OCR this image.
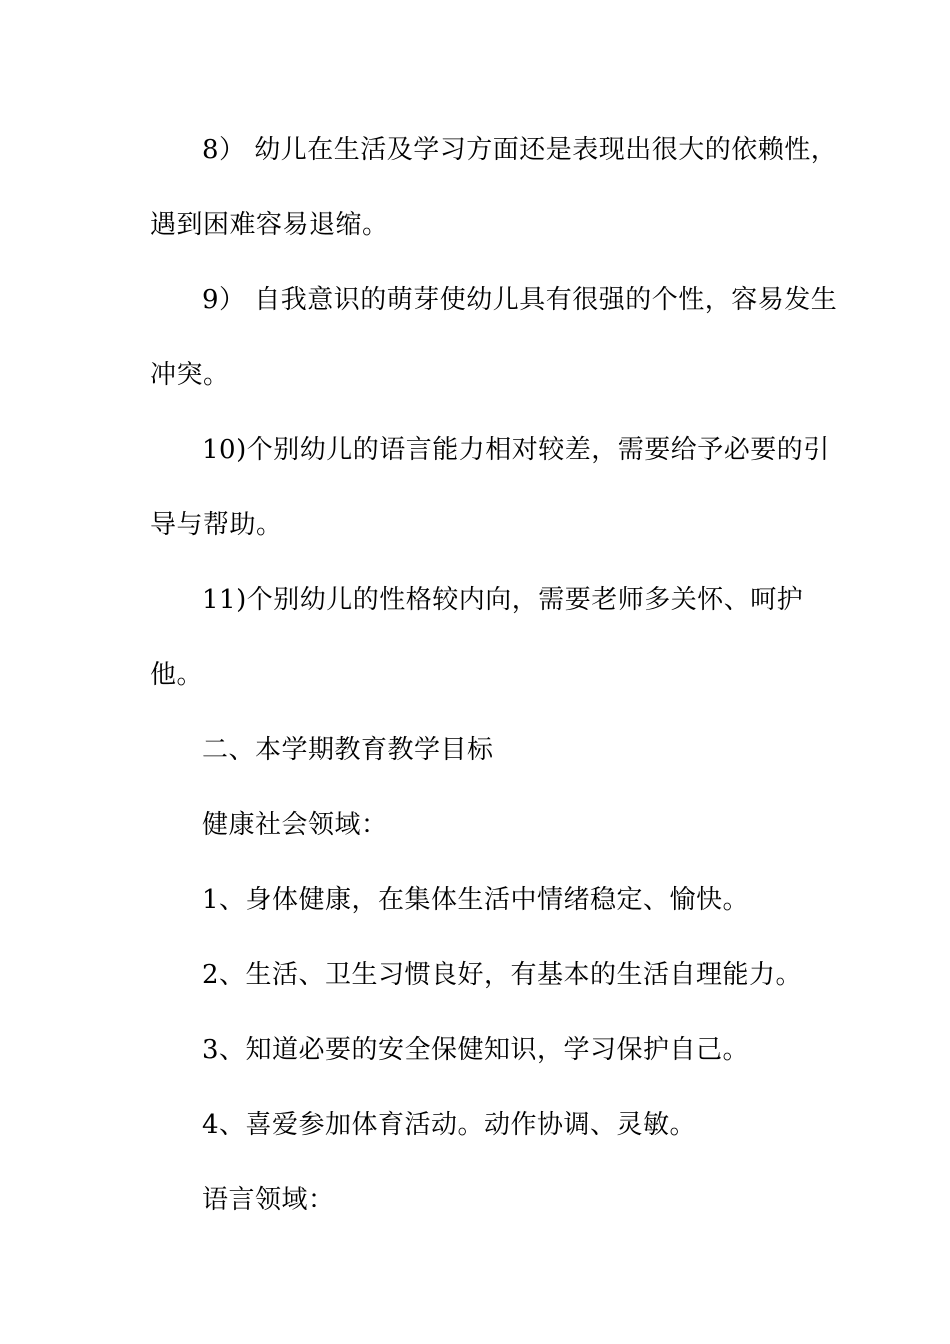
8） 幼儿在生活及学习方面还是表现出很大的依赖性，
遇到困难容易退缩。
9） 自我意识的萌芽使幼儿具有很强的个性，容易发生
冲突。
10)个别幼儿的语言能力相对较差，需要给予必要的引
导与帮助。
11)个别幼儿的性格较内向，需要老师多关怀、呵护
他。
二、本学期教育教学目标
健康社会领域：
1、身体健康，在集体生活中情绪稳定、愉快。
2、生活、卫生习惯良好，有基本的生活自理能力。
3、知道必要的安全保健知识，学习保护自己。
4、喜爱参加体育活动。动作协调、灵敏。
语言领域：
